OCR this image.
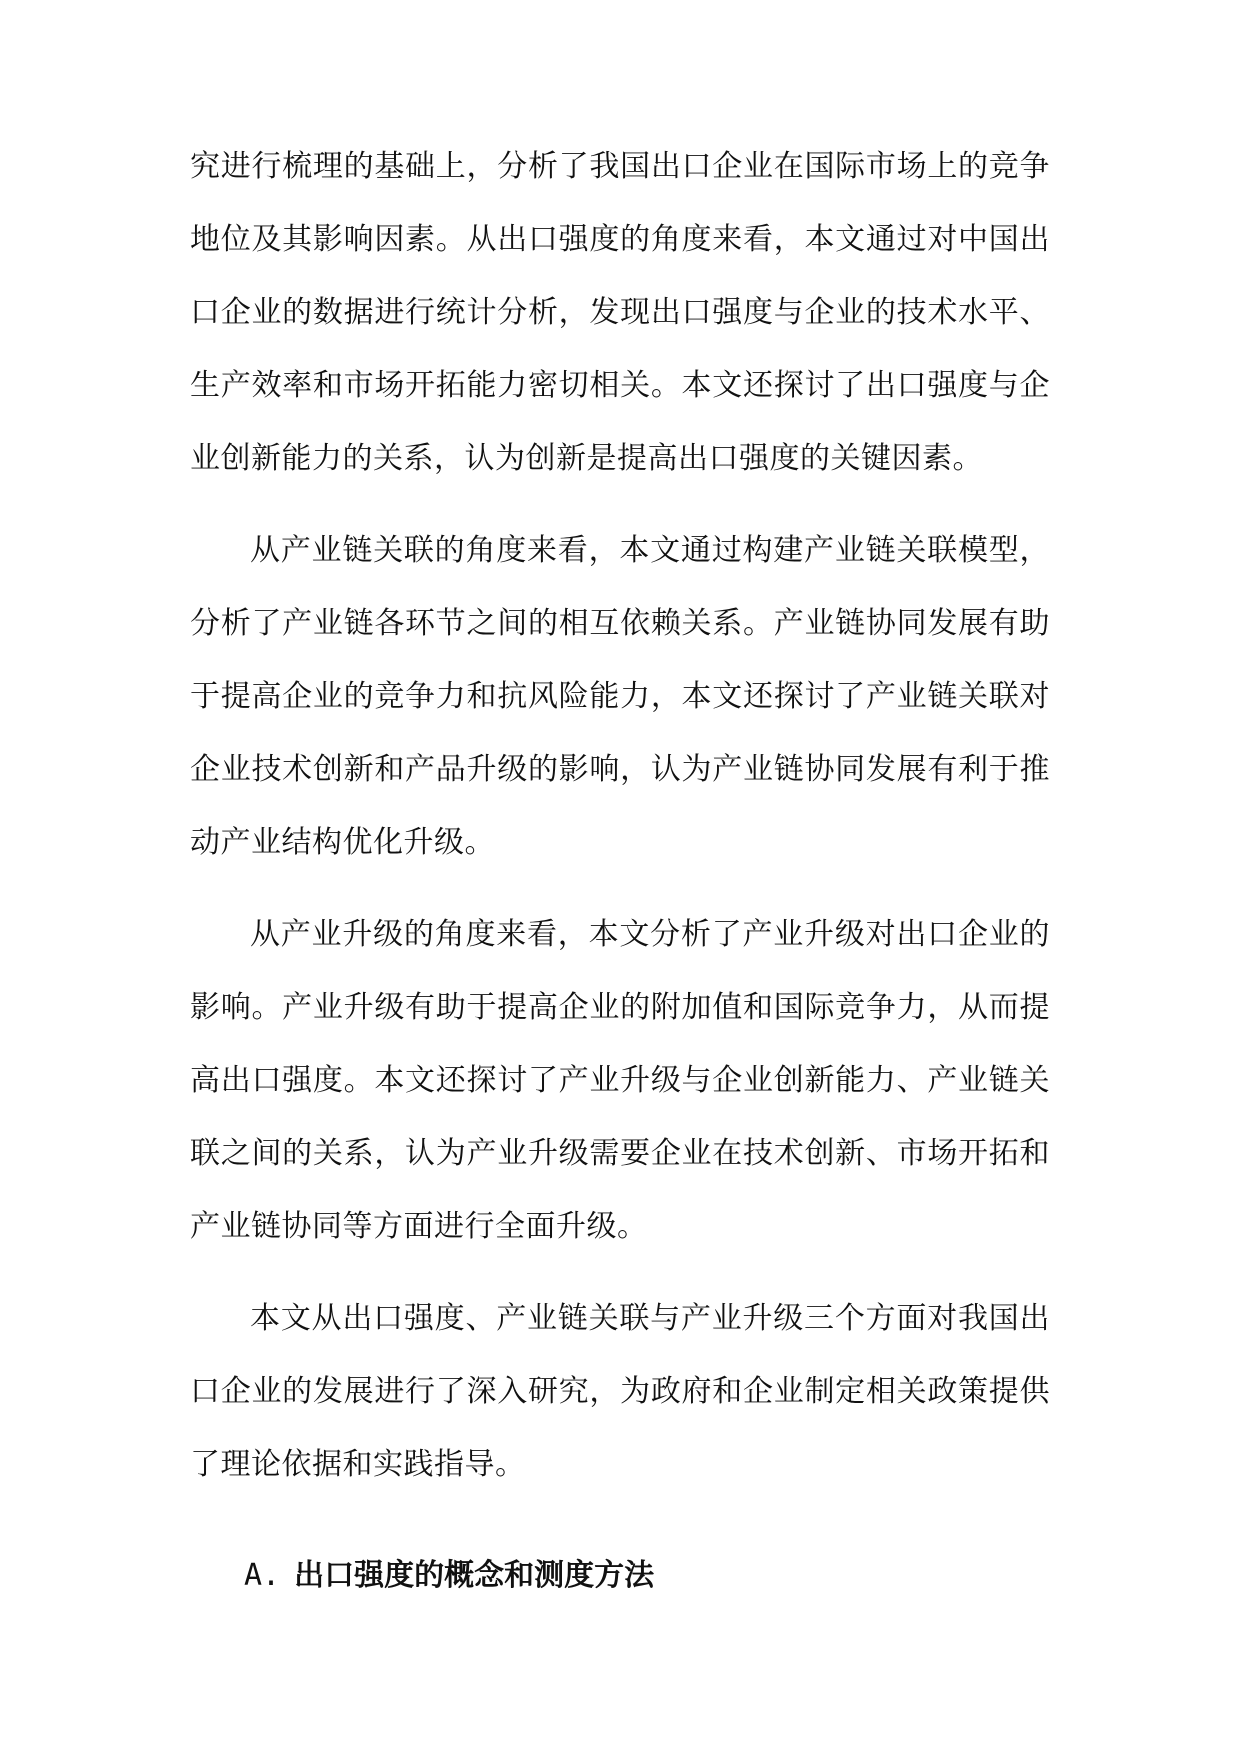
究进行梳理的基础上，分析了我国出口企业在国际市场上的竞争地位及其影响因素。从出口强度的角度来看，本文通过对中国出口企业的数据进行统计分析，发现出口强度与企业的技术水平、生产效率和市场开拓能力密切相关。本文还探讨了出口强度与企业创新能力的关系，认为创新是提高出口强度的关键因素。

从产业链关联的角度来看，本文通过构建产业链关联模型，分析了产业链各环节之间的相互依赖关系。产业链协同发展有助于提高企业的竞争力和抗风险能力，本文还探讨了产业链关联对企业技术创新和产品升级的影响，认为产业链协同发展有利于推动产业结构优化升级。

从产业升级的角度来看，本文分析了产业升级对出口企业的影响。产业升级有助于提高企业的附加值和国际竞争力，从而提高出口强度。本文还探讨了产业升级与企业创新能力、产业链关联之间的关系，认为产业升级需要企业在技术创新、市场开拓和产业链协同等方面进行全面升级。

本文从出口强度、产业链关联与产业升级三个方面对我国出口企业的发展进行了深入研究，为政府和企业制定相关政策提供了理论依据和实践指导。

A. 出口强度的概念和测度方法
